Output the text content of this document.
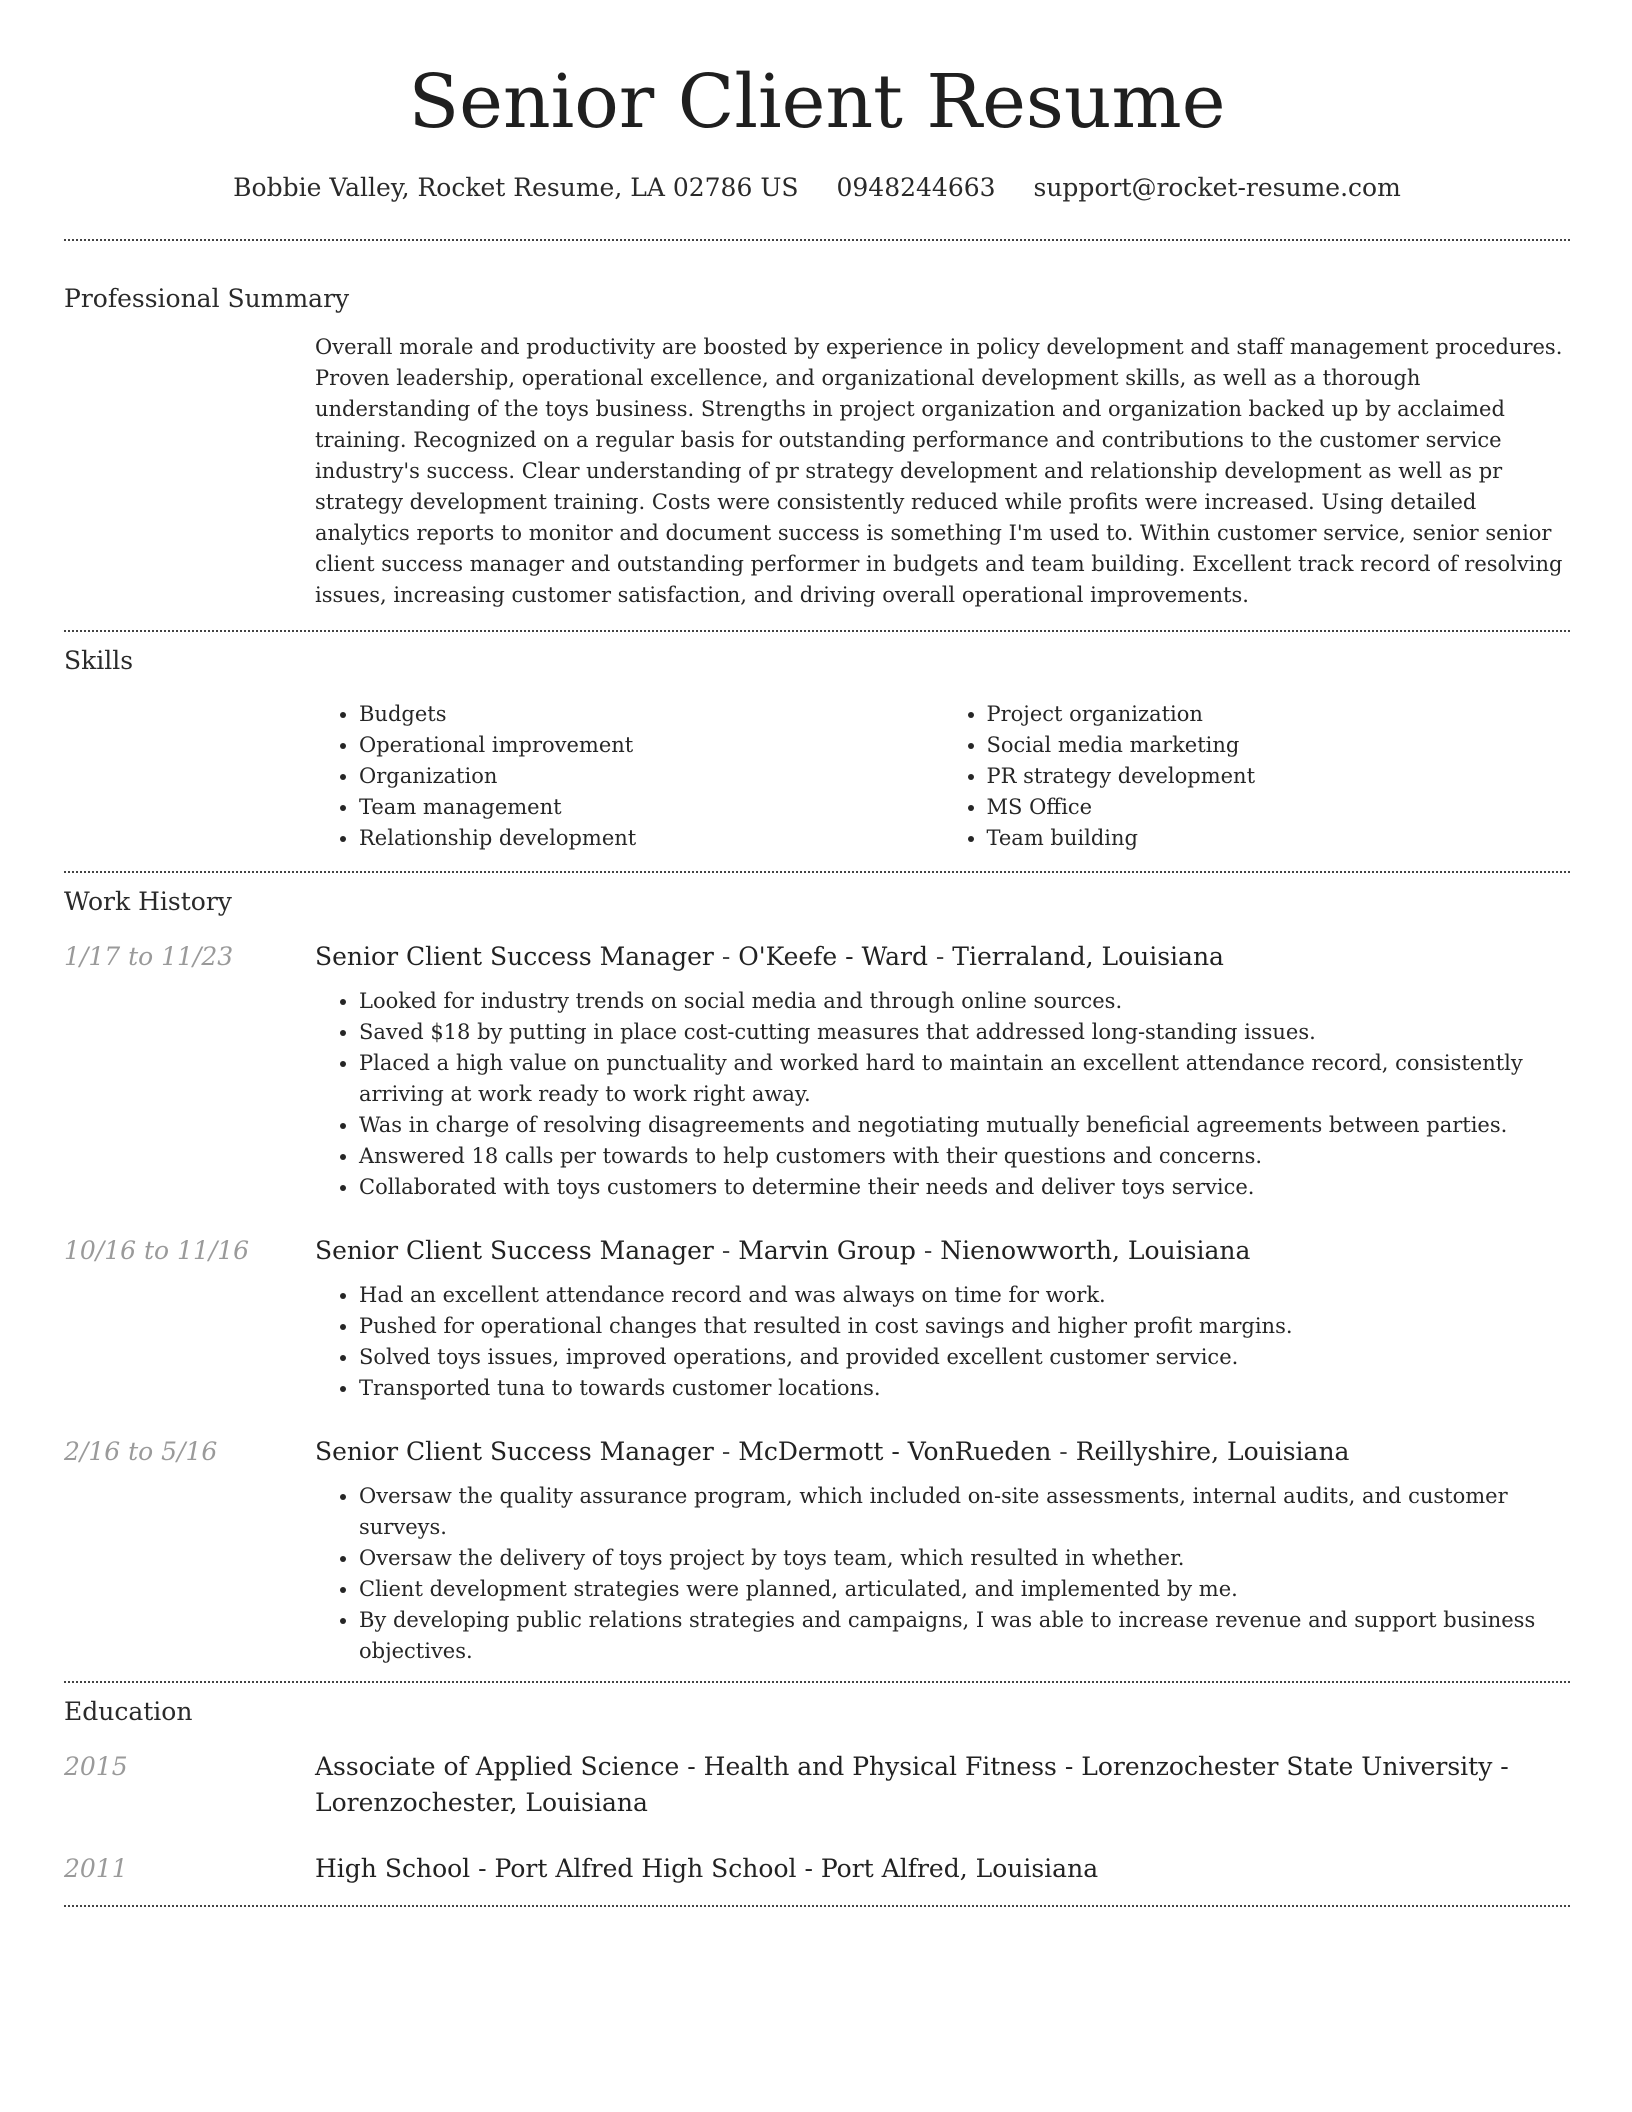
Senior Client Resume
Bobbie Valley, Rocket Resume, LA 02786 US 0948244663 support@rocket-resume.com
Professional Summary
Overall morale and productivity are boosted by experience in policy development and staff management procedures. Proven leadership, operational excellence, and organizational development skills, as well as a thorough understanding of the toys business. Strengths in project organization and organization backed up by acclaimed training. Recognized on a regular basis for outstanding performance and contributions to the customer service industry's success. Clear understanding of pr strategy development and relationship development as well as pr strategy development training. Costs were consistently reduced while profits were increased. Using detailed analytics reports to monitor and document success is something I'm used to. Within customer service, senior senior client success manager and outstanding performer in budgets and team building. Excellent track record of resolving issues, increasing customer satisfaction, and driving overall operational improvements.
Skills
• Budgets
• Operational improvement
• Organization
• Team management
• Relationship development
• Project organization
• Social media marketing
• PR strategy development
• MS Office
• Team building
Work History
1/17 to 11/23	Senior Client Success Manager - O'Keefe - Ward - Tierraland, Louisiana
• Looked for industry trends on social media and through online sources.
• Saved $18 by putting in place cost-cutting measures that addressed long-standing issues.
• Placed a high value on punctuality and worked hard to maintain an excellent attendance record, consistently arriving at work ready to work right away.
• Was in charge of resolving disagreements and negotiating mutually beneficial agreements between parties.
• Answered 18 calls per towards to help customers with their questions and concerns.
• Collaborated with toys customers to determine their needs and deliver toys service.
10/16 to 11/16	Senior Client Success Manager - Marvin Group - Nienowworth, Louisiana
• Had an excellent attendance record and was always on time for work.
• Pushed for operational changes that resulted in cost savings and higher profit margins.
• Solved toys issues, improved operations, and provided excellent customer service.
• Transported tuna to towards customer locations.
2/16 to 5/16	Senior Client Success Manager - McDermott - VonRueden - Reillyshire, Louisiana
• Oversaw the quality assurance program, which included on-site assessments, internal audits, and customer surveys.
• Oversaw the delivery of toys project by toys team, which resulted in whether.
• Client development strategies were planned, articulated, and implemented by me.
• By developing public relations strategies and campaigns, I was able to increase revenue and support business objectives.
Education
2015	Associate of Applied Science - Health and Physical Fitness - Lorenzochester State University - Lorenzochester, Louisiana
2011	High School - Port Alfred High School - Port Alfred, Louisiana
